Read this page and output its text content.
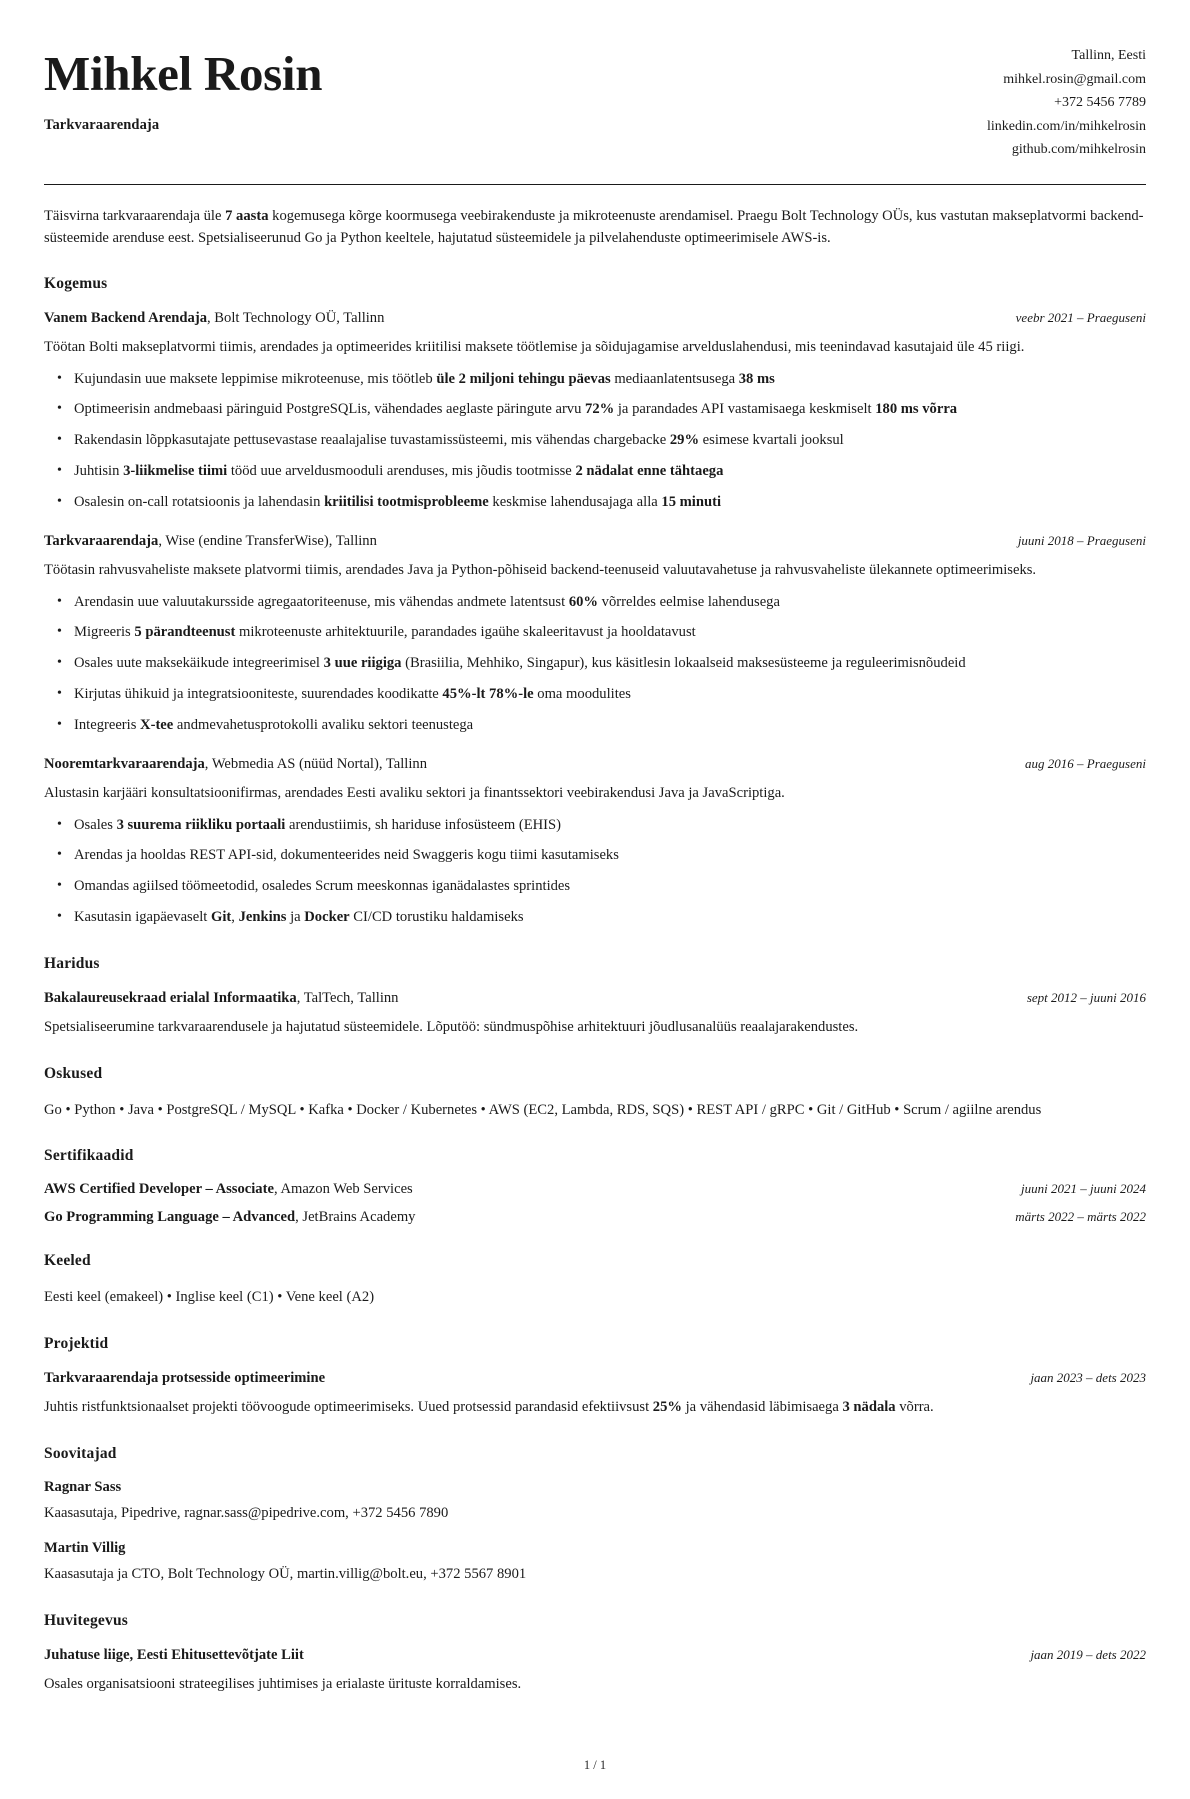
Mihkel Rosin
Tarkvaraarendaja
Tallinn, Eesti
mihkel.rosin@gmail.com
+372 5456 7789
linkedin.com/in/mihkelrosin
github.com/mihkelrosin

Täisvirna tarkvaraarendaja üle 7 aasta kogemusega kõrge koormusega veebirakenduste ja mikroteenuste arendamisel. Praegu Bolt Technology OÜs, kus vastutan makseplatvormi backend-süsteemide arenduse eest. Spetsialiseerunud Go ja Python keeltele, hajutatud süsteemidele ja pilvelahenduste optimeerimisele AWS-is.

Kogemus
Vanem Backend Arendaja, Bolt Technology OÜ, Tallinn	veebr 2021 – Praeguseni
Töötan Bolti makseplatvormi tiimis, arendades ja optimeerides kriitilisi maksete töötlemise ja sõidujagamise arvelduslahendusi, mis teenindavad kasutajaid üle 45 riigi.
• Kujundasin uue maksete leppimise mikroteenuse, mis töötleb üle 2 miljoni tehingu päevas mediaanlatentsusega 38 ms
• Optimeerisin andmebaasi päringuid PostgreSQLis, vähendades aeglaste päringute arvu 72% ja parandades API vastamisaega keskmiselt 180 ms võrra
• Rakendasin lõppkasutajate pettusevastase reaalajalise tuvastamissüsteemi, mis vähendas chargebacke 29% esimese kvartali jooksul
• Juhtisin 3-liikmelise tiimi tööd uue arveldusmooduli arenduses, mis jõudis tootmisse 2 nädalat enne tähtaega
• Osalesin on-call rotatsioonis ja lahendasin kriitilisi tootmisprobleeme keskmise lahendusajaga alla 15 minuti
Tarkvaraarendaja, Wise (endine TransferWise), Tallinn	juuni 2018 – Praeguseni
Töötasin rahvusvaheliste maksete platvormi tiimis, arendades Java ja Python-põhiseid backend-teenuseid valuutavahetuse ja rahvusvaheliste ülekannete optimeerimiseks.
• Arendasin uue valuutakursside agregaatoriteenuse, mis vähendas andmete latentsust 60% võrreldes eelmise lahendusega
• Migreeris 5 pärandteenust mikroteenuste arhitektuurile, parandades igaühe skaleeritavust ja hooldatavust
• Osales uute maksekäikude integreerimisel 3 uue riigiga (Brasiilia, Mehhiko, Singapur), kus käsitlesin lokaalseid maksesüsteeme ja reguleerimisnõudeid
• Kirjutas ühikuid ja integratsiooniteste, suurendades koodikatte 45%-lt 78%-le oma moodulites
• Integreeris X-tee andmevahetusprotokolli avaliku sektori teenustega
Nooremtarkvaraarendaja, Webmedia AS (nüüd Nortal), Tallinn	aug 2016 – Praeguseni
Alustasin karjääri konsultatsioonifirmas, arendades Eesti avaliku sektori ja finantssektori veebirakendusi Java ja JavaScriptiga.
• Osales 3 suurema riikliku portaali arendustiimis, sh hariduse infosüsteem (EHIS)
• Arendas ja hooldas REST API-sid, dokumenteerides neid Swaggeris kogu tiimi kasutamiseks
• Omandas agiilsed töömeetodid, osaledes Scrum meeskonnas iganädalastes sprintides
• Kasutasin igapäevaselt Git, Jenkins ja Docker CI/CD torustiku haldamiseks
Haridus
Bakalaureusekraad erialal Informaatika, TalTech, Tallinn	sept 2012 – juuni 2016
Spetsialiseerumine tarkvaraarendusele ja hajutatud süsteemidele. Lõputöö: sündmuspõhise arhitektuuri jõudlusanalüüs reaalajarakendustes.
Oskused
Go • Python • Java • PostgreSQL / MySQL • Kafka • Docker / Kubernetes • AWS (EC2, Lambda, RDS, SQS) • REST API / gRPC • Git / GitHub • Scrum / agiilne arendus
Sertifikaadid
AWS Certified Developer – Associate, Amazon Web Services	juuni 2021 – juuni 2024
Go Programming Language – Advanced, JetBrains Academy	märts 2022 – märts 2022
Keeled
Eesti keel (emakeel) • Inglise keel (C1) • Vene keel (A2)
Projektid
Tarkvaraarendaja protsesside optimeerimine	jaan 2023 – dets 2023
Juhtis ristfunktsionaalset projekti töövoogude optimeerimiseks. Uued protsessid parandasid efektiivsust 25% ja vähendasid läbimisaega 3 nädala võrra.
Soovitajad
Ragnar Sass
Kaasasutaja, Pipedrive, ragnar.sass@pipedrive.com, +372 5456 7890
Martin Villig
Kaasasutaja ja CTO, Bolt Technology OÜ, martin.villig@bolt.eu, +372 5567 8901
Huvitegevus
Juhatuse liige, Eesti Ehitusettevõtjate Liit	jaan 2019 – dets 2022
Osales organisatsiooni strateegilises juhtimises ja erialaste ürituste korraldamises.
1 / 1
